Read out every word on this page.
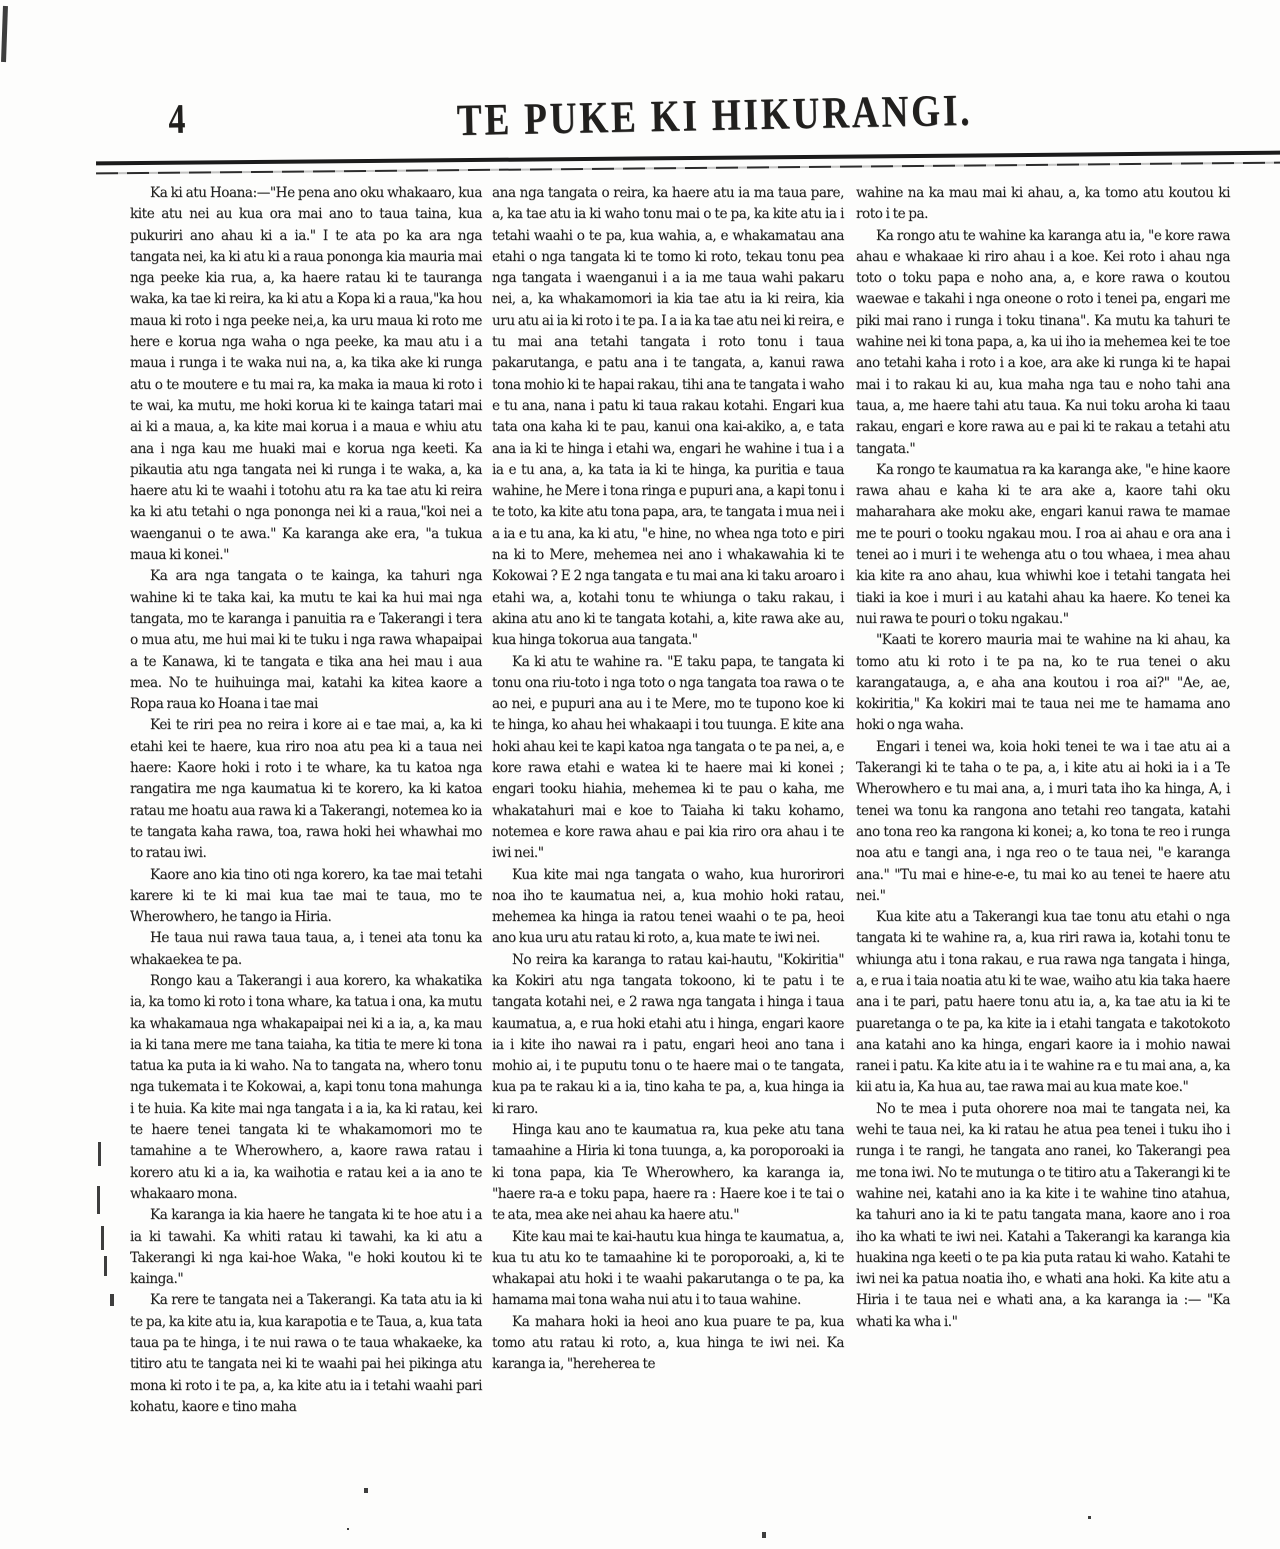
4	TE PUKE KI HIKURANGI.

Ka ki atu Hoana:—"He pena ano oku whakaaro, kua kite atu nei au kua ora mai ano to taua taina, kua pukuriri ano ahau ki a ia." I te ata po ka ara nga tangata nei, ka ki atu ki a raua pononga kia mauria mai nga peeke kia rua, a, ka haere ratau ki te tauranga waka, ka tae ki reira, ka ki atu a Kopa ki a raua,"ka hou maua ki roto i nga peeke nei,a, ka uru maua ki roto me here e korua nga waha o nga peeke, ka mau atu i a maua i runga i te waka nui na, a, ka tika ake ki runga atu o te moutere e tu mai ra, ka maka ia maua ki roto i te wai, ka mutu, me hoki korua ki te kainga tatari mai ai ki a maua, a, ka kite mai korua i a maua e whiu atu ana i nga kau me huaki mai e korua nga keeti. Ka pikautia atu nga tangata nei ki runga i te waka, a, ka haere atu ki te waahi i totohu atu ra ka tae atu ki reira ka ki atu tetahi o nga pononga nei ki a raua,"koi nei a waenganui o te awa." Ka karanga ake era, "a tukua maua ki konei."

Ka ara nga tangata o te kainga, ka tahuri nga wahine ki te taka kai, ka mutu te kai ka hui mai nga tangata, mo te karanga i panuitia ra e Takerangi i tera o mua atu, me hui mai ki te tuku i nga rawa whapaipai a te Kanawa, ki te tangata e tika ana hei mau i aua mea. No te huihuinga mai, katahi ka kitea kaore a Ropa raua ko Hoana i tae mai

Kei te riri pea no reira i kore ai e tae mai, a, ka ki etahi kei te haere, kua riro noa atu pea ki a taua nei haere: Kaore hoki i roto i te whare, ka tu katoa nga rangatira me nga kaumatua ki te korero, ka ki katoa ratau me hoatu aua rawa ki a Takerangi, notemea ko ia te tangata kaha rawa, toa, rawa hoki hei whawhai mo to ratau iwi.

Kaore ano kia tino oti nga korero, ka tae mai tetahi karere ki te ki mai kua tae mai te taua, mo te Wherowhero, he tango ia Hiria.

He taua nui rawa taua taua, a, i tenei ata tonu ka whakaekea te pa.

Rongo kau a Takerangi i aua korero, ka whakatika ia, ka tomo ki roto i tona whare, ka tatua i ona, ka mutu ka whakamaua nga whakapaipai nei ki a ia, a, ka mau ia ki tana mere me tana taiaha, ka titia te mere ki tona tatua ka puta ia ki waho. Na to tangata na, whero tonu nga tukemata i te Kokowai, a, kapi tonu tona mahunga i te huia. Ka kite mai nga tangata i a ia, ka ki ratau, kei te haere tenei tangata ki te whakamomori mo te tamahine a te Wherowhero, a, kaore rawa ratau i korero atu ki a ia, ka waihotia e ratau kei a ia ano te whakaaro mona.

Ka karanga ia kia haere he tangata ki te hoe atu i a ia ki tawahi. Ka whiti ratau ki tawahi, ka ki atu a Takerangi ki nga kai-hoe Waka, "e hoki koutou ki te kainga."

Ka rere te tangata nei a Takerangi. Ka tata atu ia ki te pa, ka kite atu ia, kua karapotia e te Taua, a, kua tata taua pa te hinga, i te nui rawa o te taua whakaeke, ka titiro atu te tangata nei ki te waahi pai hei pikinga atu mona ki roto i te pa, a, ka kite atu ia i tetahi waahi pari kohatu, kaore e tino maha

ana nga tangata o reira, ka haere atu ia ma taua pare, a, ka tae atu ia ki waho tonu mai o te pa, ka kite atu ia i tetahi waahi o te pa, kua wahia, a, e whakamatau ana etahi o nga tangata ki te tomo ki roto, tekau tonu pea nga tangata i waenganui i a ia me taua wahi pakaru nei, a, ka whakamomori ia kia tae atu ia ki reira, kia uru atu ai ia ki roto i te pa. I a ia ka tae atu nei ki reira, e tu mai ana tetahi tangata i roto tonu i taua pakarutanga, e patu ana i te tangata, a, kanui rawa tona mohio ki te hapai rakau, tihi ana te tangata i waho e tu ana, nana i patu ki taua rakau kotahi. Engari kua tata ona kaha ki te pau, kanui ona kai-akiko, a, e tata ana ia ki te hinga i etahi wa, engari he wahine i tua i a ia e tu ana, a, ka tata ia ki te hinga, ka puritia e taua wahine, he Mere i tona ringa e pupuri ana, a kapi tonu i te toto, ka kite atu tona papa, ara, te tangata i mua nei i a ia e tu ana, ka ki atu, "e hine, no whea nga toto e piri na ki to Mere, mehemea nei ano i whakawahia ki te Kokowai ? E 2 nga tangata e tu mai ana ki taku aroaro i etahi wa, a, kotahi tonu te whiunga o taku rakau, i akina atu ano ki te tangata kotahi, a, kite rawa ake au, kua hinga tokorua aua tangata."

Ka ki atu te wahine ra. "E taku papa, te tangata ki tonu ona riu-toto i nga toto o nga tangata toa rawa o te ao nei, e pupuri ana au i te Mere, mo te tupono koe ki te hinga, ko ahau hei whakaapi i tou tuunga. E kite ana hoki ahau kei te kapi katoa nga tangata o te pa nei, a, e kore rawa etahi e watea ki te haere mai ki konei ; engari tooku hiahia, mehemea ki te pau o kaha, me whakatahuri mai e koe to Taiaha ki taku kohamo, notemea e kore rawa ahau e pai kia riro ora ahau i te iwi nei."

Kua kite mai nga tangata o waho, kua hurorirori noa iho te kaumatua nei, a, kua mohio hoki ratau, mehemea ka hinga ia ratou tenei waahi o te pa, heoi ano kua uru atu ratau ki roto, a, kua mate te iwi nei.

No reira ka karanga to ratau kai-hautu, "Kokiritia" ka Kokiri atu nga tangata tokoono, ki te patu i te tangata kotahi nei, e 2 rawa nga tangata i hinga i taua kaumatua, a, e rua hoki etahi atu i hinga, engari kaore ia i kite iho nawai ra i patu, engari heoi ano tana i mohio ai, i te puputu tonu o te haere mai o te tangata, kua pa te rakau ki a ia, tino kaha te pa, a, kua hinga ia ki raro.

Hinga kau ano te kaumatua ra, kua peke atu tana tamaahine a Hiria ki tona tuunga, a, ka poroporoaki ia ki tona papa, kia Te Wherowhero, ka karanga ia, "haere ra-a e toku papa, haere ra : Haere koe i te tai o te ata, mea ake nei ahau ka haere atu."

Kite kau mai te kai-hautu kua hinga te kaumatua, a, kua tu atu ko te tamaahine ki te poroporoaki, a, ki te whakapai atu hoki i te waahi pakarutanga o te pa, ka hamama mai tona waha nui atu i to taua wahine.

Ka mahara hoki ia heoi ano kua puare te pa, kua tomo atu ratau ki roto, a, kua hinga te iwi nei. Ka karanga ia, "hereherea te

wahine na ka mau mai ki ahau, a, ka tomo atu koutou ki roto i te pa.

Ka rongo atu te wahine ka karanga atu ia, "e kore rawa ahau e whakaae ki riro ahau i a koe. Kei roto i ahau nga toto o toku papa e noho ana, a, e kore rawa o koutou waewae e takahi i nga oneone o roto i tenei pa, engari me piki mai rano i runga i toku tinana". Ka mutu ka tahuri te wahine nei ki tona papa, a, ka ui iho ia mehemea kei te toe ano tetahi kaha i roto i a koe, ara ake ki runga ki te hapai mai i to rakau ki au, kua maha nga tau e noho tahi ana taua, a, me haere tahi atu taua. Ka nui toku aroha ki taau rakau, engari e kore rawa au e pai ki te rakau a tetahi atu tangata."

Ka rongo te kaumatua ra ka karanga ake, "e hine kaore rawa ahau e kaha ki te ara ake a, kaore tahi oku maharahara ake moku ake, engari kanui rawa te mamae me te pouri o tooku ngakau mou. I roa ai ahau e ora ana i tenei ao i muri i te wehenga atu o tou whaea, i mea ahau kia kite ra ano ahau, kua whiwhi koe i tetahi tangata hei tiaki ia koe i muri i au katahi ahau ka haere. Ko tenei ka nui rawa te pouri o toku ngakau."

"Kaati te korero mauria mai te wahine na ki ahau, ka tomo atu ki roto i te pa na, ko te rua tenei o aku karangatauga, a, e aha ana koutou i roa ai?" "Ae, ae, kokiritia," Ka kokiri mai te taua nei me te hamama ano hoki o nga waha.

Engari i tenei wa, koia hoki tenei te wa i tae atu ai a Takerangi ki te taha o te pa, a, i kite atu ai hoki ia i a Te Wherowhero e tu mai ana, a, i muri tata iho ka hinga, A, i tenei wa tonu ka rangona ano tetahi reo tangata, katahi ano tona reo ka rangona ki konei; a, ko tona te reo i runga noa atu e tangi ana, i nga reo o te taua nei, "e karanga ana." "Tu mai e hine-e-e, tu mai ko au tenei te haere atu nei."

Kua kite atu a Takerangi kua tae tonu atu etahi o nga tangata ki te wahine ra, a, kua riri rawa ia, kotahi tonu te whiunga atu i tona rakau, e rua rawa nga tangata i hinga, a, e rua i taia noatia atu ki te wae, waiho atu kia taka haere ana i te pari, patu haere tonu atu ia, a, ka tae atu ia ki te puaretanga o te pa, ka kite ia i etahi tangata e takotokoto ana katahi ano ka hinga, engari kaore ia i mohio nawai ranei i patu. Ka kite atu ia i te wahine ra e tu mai ana, a, ka kii atu ia, Ka hua au, tae rawa mai au kua mate koe."

No te mea i puta ohorere noa mai te tangata nei, ka wehi te taua nei, ka ki ratau he atua pea tenei i tuku iho i runga i te rangi, he tangata ano ranei, ko Takerangi pea me tona iwi. No te mutunga o te titiro atu a Takerangi ki te wahine nei, katahi ano ia ka kite i te wahine tino atahua, ka tahuri ano ia ki te patu tangata mana, kaore ano i roa iho ka whati te iwi nei. Katahi a Takerangi ka karanga kia huakina nga keeti o te pa kia puta ratau ki waho. Katahi te iwi nei ka patua noatia iho, e whati ana hoki. Ka kite atu a Hiria i te taua nei e whati ana, a ka karanga ia :— "Ka whati ka wha i."
